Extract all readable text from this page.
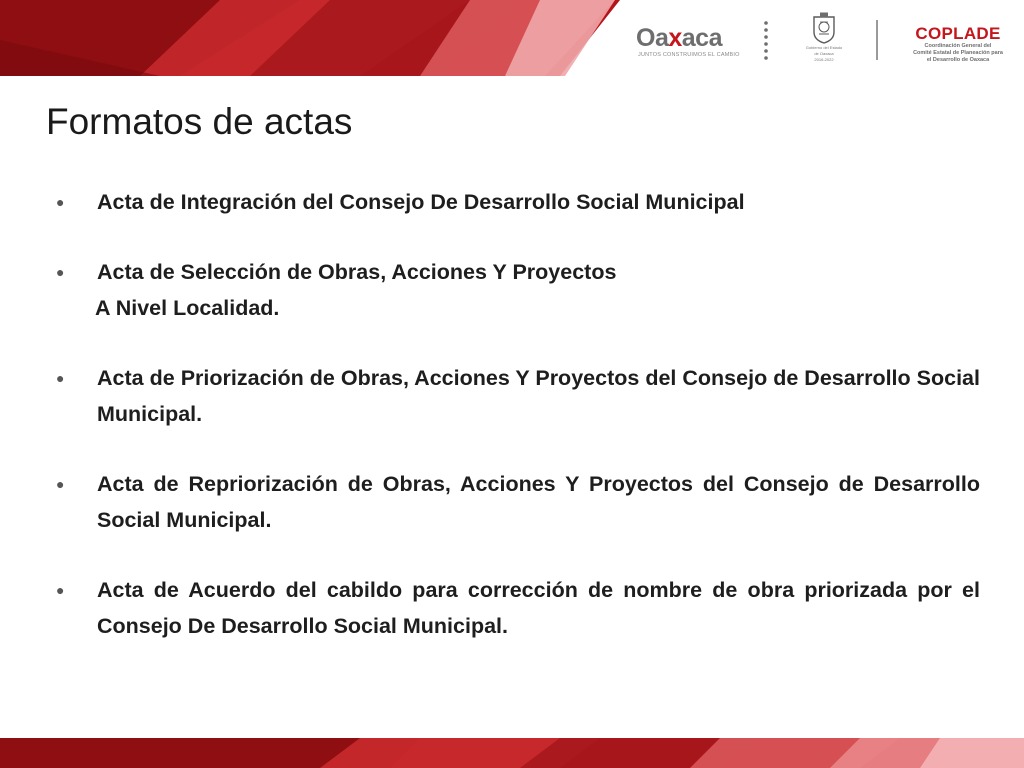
Oaxaca
JUNTOS CONSTRUIMOS EL CAMBIO
Gobierno del Estado
de Oaxaca
2016-2022
COPLADE
Coordinación General del
Comité Estatal de Planeación para
el Desarrollo de Oaxaca
Formatos de actas
● Acta de Integración del Consejo De Desarrollo Social Municipal
● Acta de Selección de Obras, Acciones Y Proyectos
A Nivel Localidad.
● Acta de Priorización de Obras, Acciones Y Proyectos del Consejo de Desarrollo Social Municipal.
● Acta de Repriorización de Obras, Acciones Y Proyectos del Consejo de Desarrollo Social Municipal.
● Acta de Acuerdo del cabildo para corrección de nombre de obra priorizada por el Consejo De Desarrollo Social Municipal.
